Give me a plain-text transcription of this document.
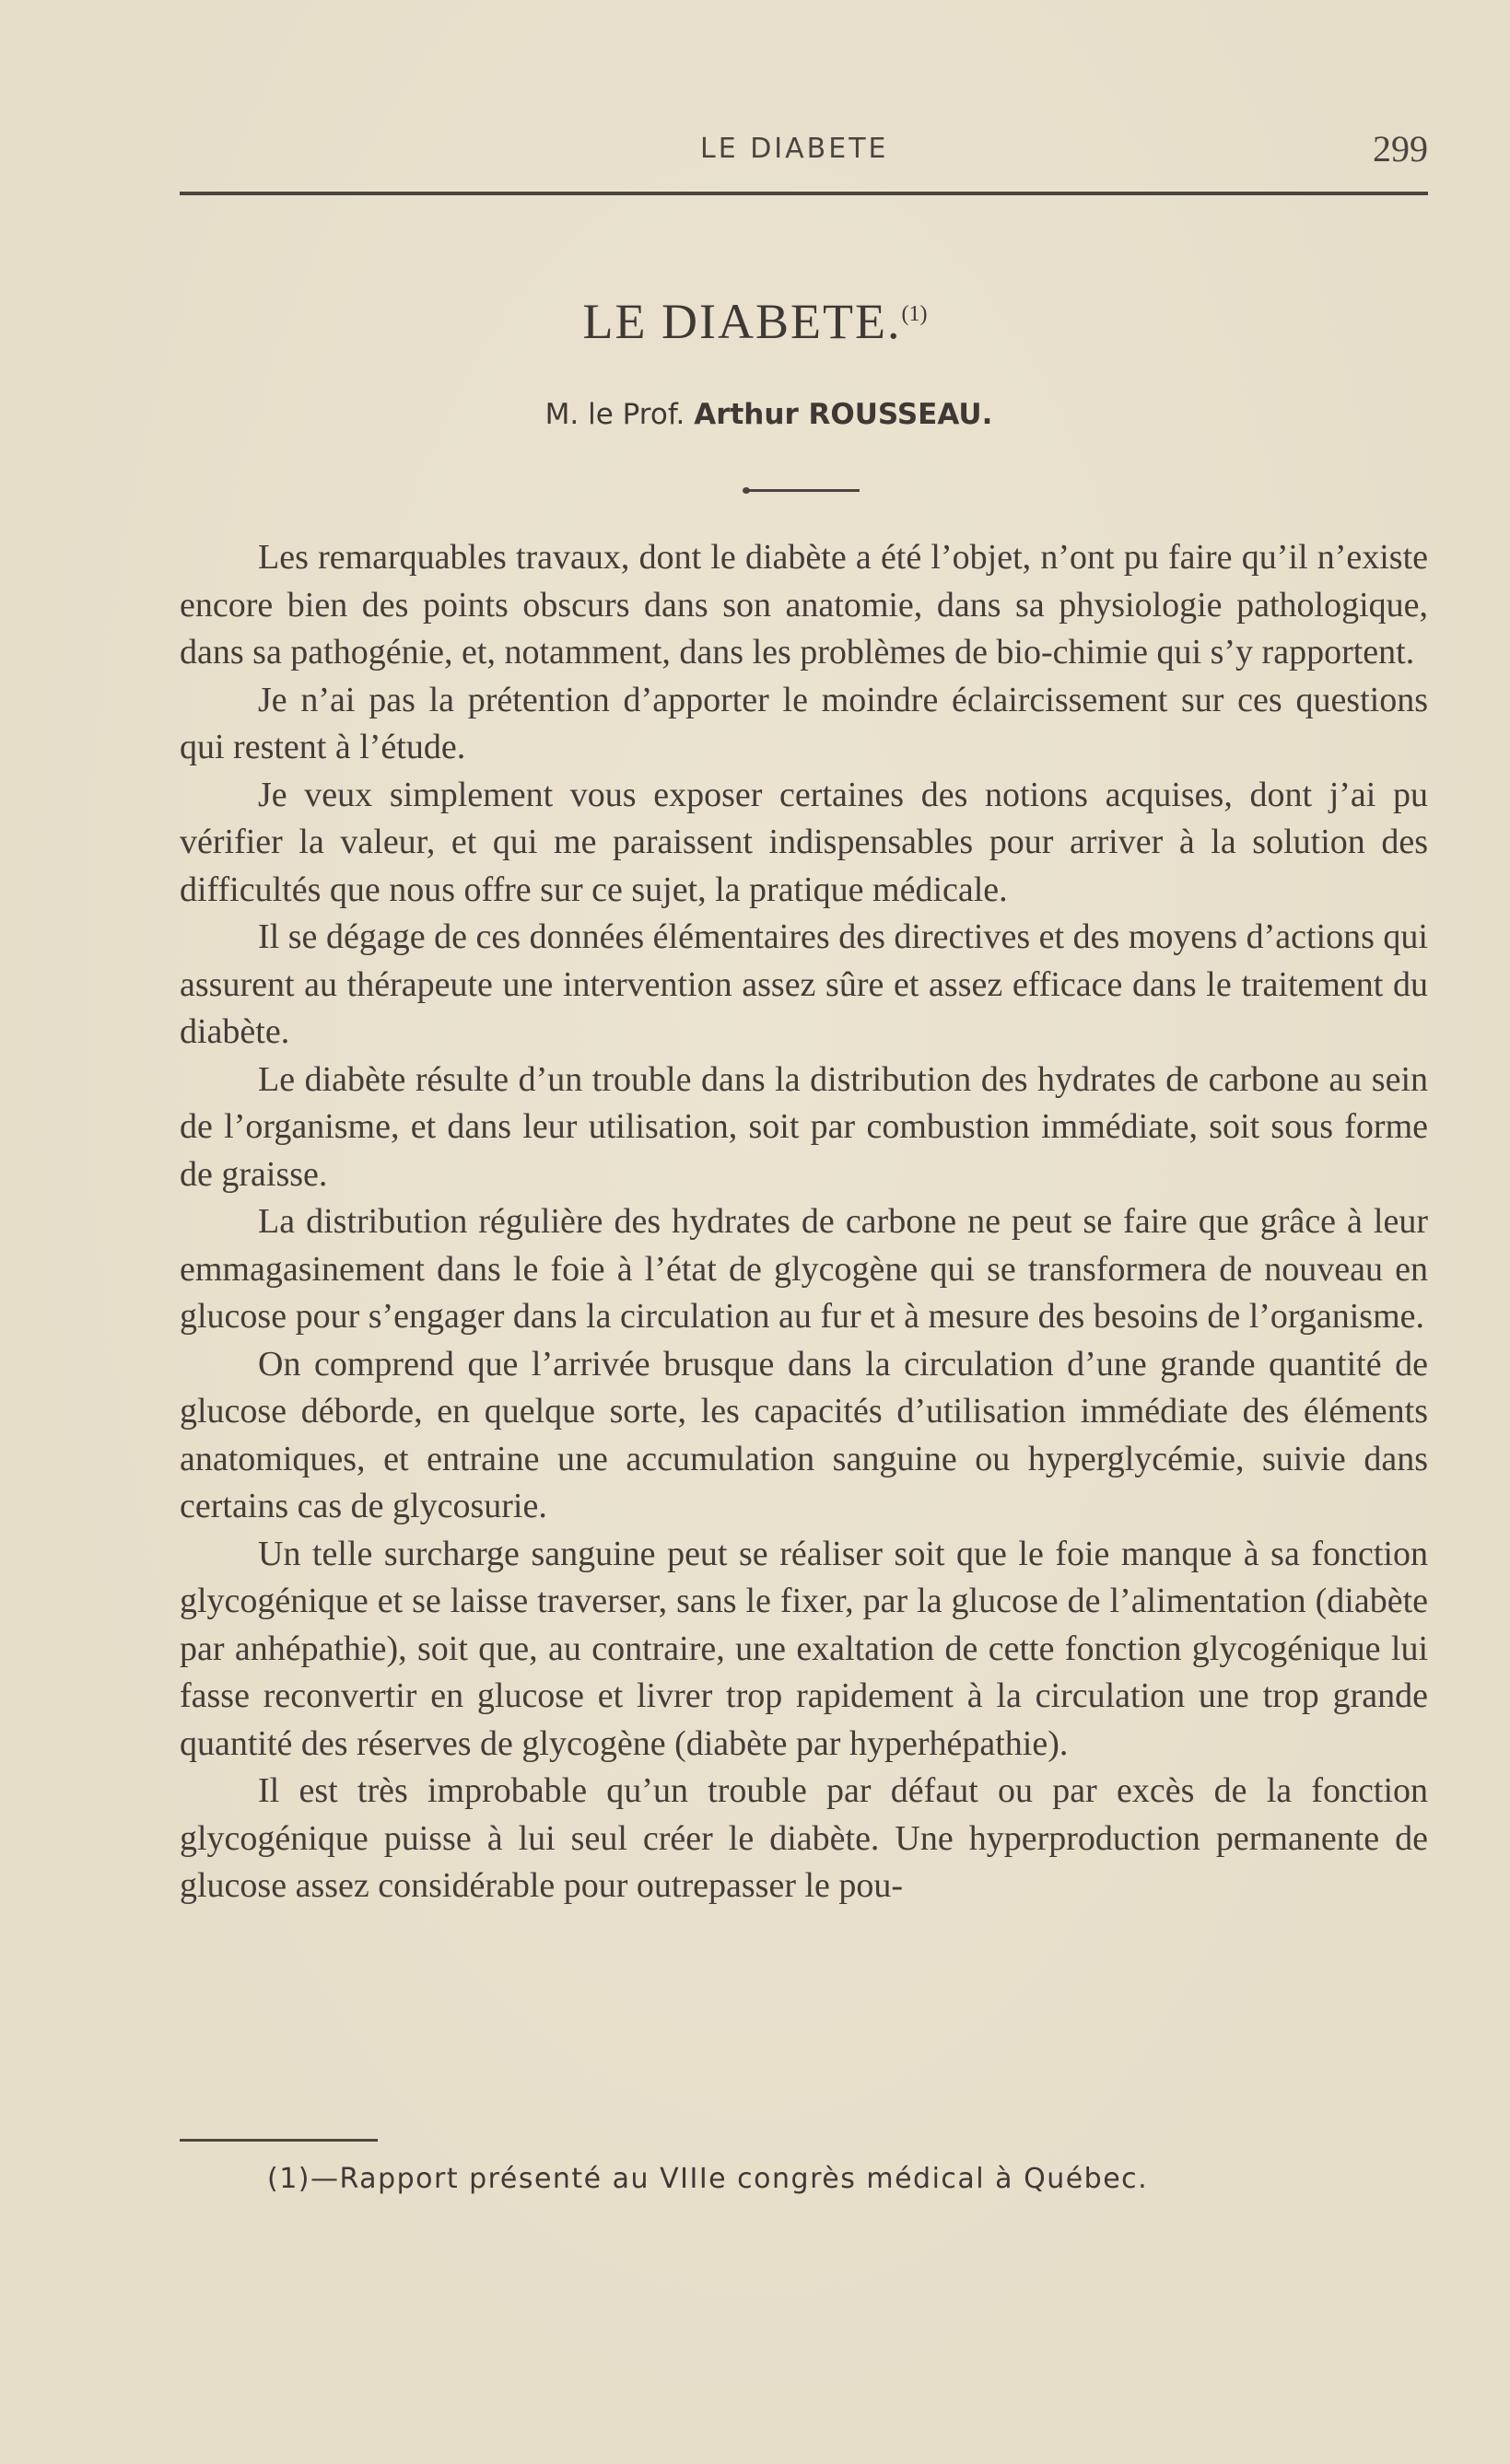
LE DIABETE	299
LE DIABETE.$^{(1)}$
M. le Prof. Arthur ROUSSEAU.

Les remarquables travaux, dont le diabète a été l’objet, n’ont pu faire qu’il n’existe encore bien des points obscurs dans son anatomie, dans sa physiologie pathologique, dans sa pathogénie, et, notamment, dans les problèmes de bio-chimie qui s’y rapportent.

Je n’ai pas la prétention d’apporter le moindre éclaircissement sur ces questions qui restent à l’étude.

Je veux simplement vous exposer certaines des notions acquises, dont j’ai pu vérifier la valeur, et qui me paraissent indispensables pour arriver à la solution des difficultés que nous offre sur ce sujet, la pratique médicale.

Il se dégage de ces données élémentaires des directives et des moyens d’actions qui assurent au thérapeute une intervention assez sûre et assez efficace dans le traitement du diabète.

Le diabète résulte d’un trouble dans la distribution des hydrates de carbone au sein de l’organisme, et dans leur utilisation, soit par combustion immédiate, soit sous forme de graisse.

La distribution régulière des hydrates de carbone ne peut se faire que grâce à leur emmagasinement dans le foie à l’état de glycogène qui se transformera de nouveau en glucose pour s’engager dans la circulation au fur et à mesure des besoins de l’organisme.

On comprend que l’arrivée brusque dans la circulation d’une grande quantité de glucose déborde, en quelque sorte, les capacités d’utilisation immédiate des éléments anatomiques, et entraine une accumulation sanguine ou hyperglycémie, suivie dans certains cas de glycosurie.

Un telle surcharge sanguine peut se réaliser soit que le foie manque à sa fonction glycogénique et se laisse traverser, sans le fixer, par la glucose de l’alimentation (diabète par anhépathie), soit que, au contraire, une exaltation de cette fonction glycogénique lui fasse reconvertir en glucose et livrer trop rapidement à la circulation une trop grande quantité des réserves de glycogène (diabète par hyperhépathie).

Il est très improbable qu’un trouble par défaut ou par excès de la fonction glycogénique puisse à lui seul créer le diabète. Une hyperproduction permanente de glucose assez considérable pour outrepasser le pou-

(1)—Rapport présenté au VIIIe congrès médical à Québec.
